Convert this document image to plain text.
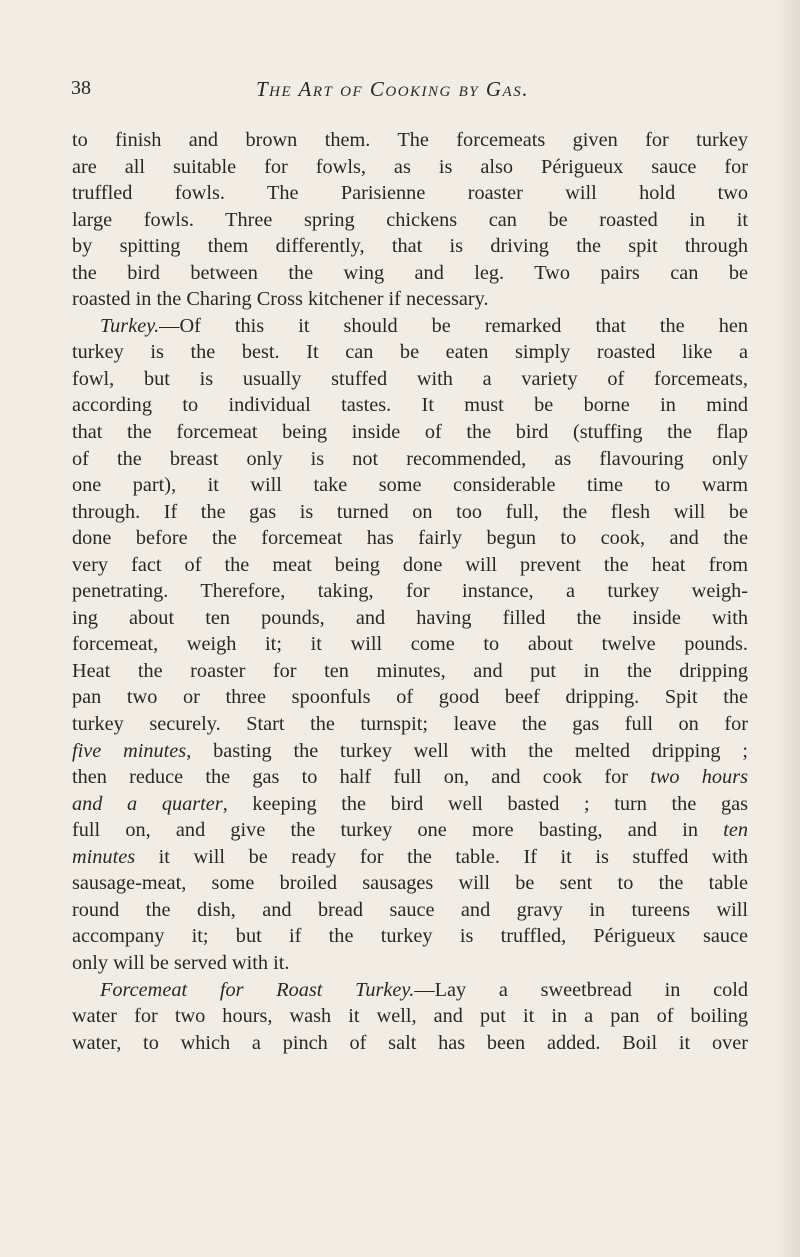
38	The Art of Cooking by Gas.
to finish and brown them. The forcemeats given for turkey
are all suitable for fowls, as is also Périgueux sauce for
truffled fowls. The Parisienne roaster will hold two
large fowls. Three spring chickens can be roasted in it
by spitting them differently, that is driving the spit through
the bird between the wing and leg. Two pairs can be
roasted in the Charing Cross kitchener if necessary.
Turkey.—Of this it should be remarked that the hen
turkey is the best. It can be eaten simply roasted like a
fowl, but is usually stuffed with a variety of forcemeats,
according to individual tastes. It must be borne in mind
that the forcemeat being inside of the bird (stuffing the flap
of the breast only is not recommended, as flavouring only
one part), it will take some considerable time to warm
through. If the gas is turned on too full, the flesh will be
done before the forcemeat has fairly begun to cook, and the
very fact of the meat being done will prevent the heat from
penetrating. Therefore, taking, for instance, a turkey weigh-
ing about ten pounds, and having filled the inside with
forcemeat, weigh it; it will come to about twelve pounds.
Heat the roaster for ten minutes, and put in the dripping
pan two or three spoonfuls of good beef dripping. Spit the
turkey securely. Start the turnspit; leave the gas full on for
five minutes, basting the turkey well with the melted dripping ;
then reduce the gas to half full on, and cook for two hours
and a quarter, keeping the bird well basted ; turn the gas
full on, and give the turkey one more basting, and in ten
minutes it will be ready for the table. If it is stuffed with
sausage-meat, some broiled sausages will be sent to the table
round the dish, and bread sauce and gravy in tureens will
accompany it; but if the turkey is truffled, Périgueux sauce
only will be served with it.
Forcemeat for Roast Turkey.—Lay a sweetbread in cold
water for two hours, wash it well, and put it in a pan of boiling
water, to which a pinch of salt has been added. Boil it over
